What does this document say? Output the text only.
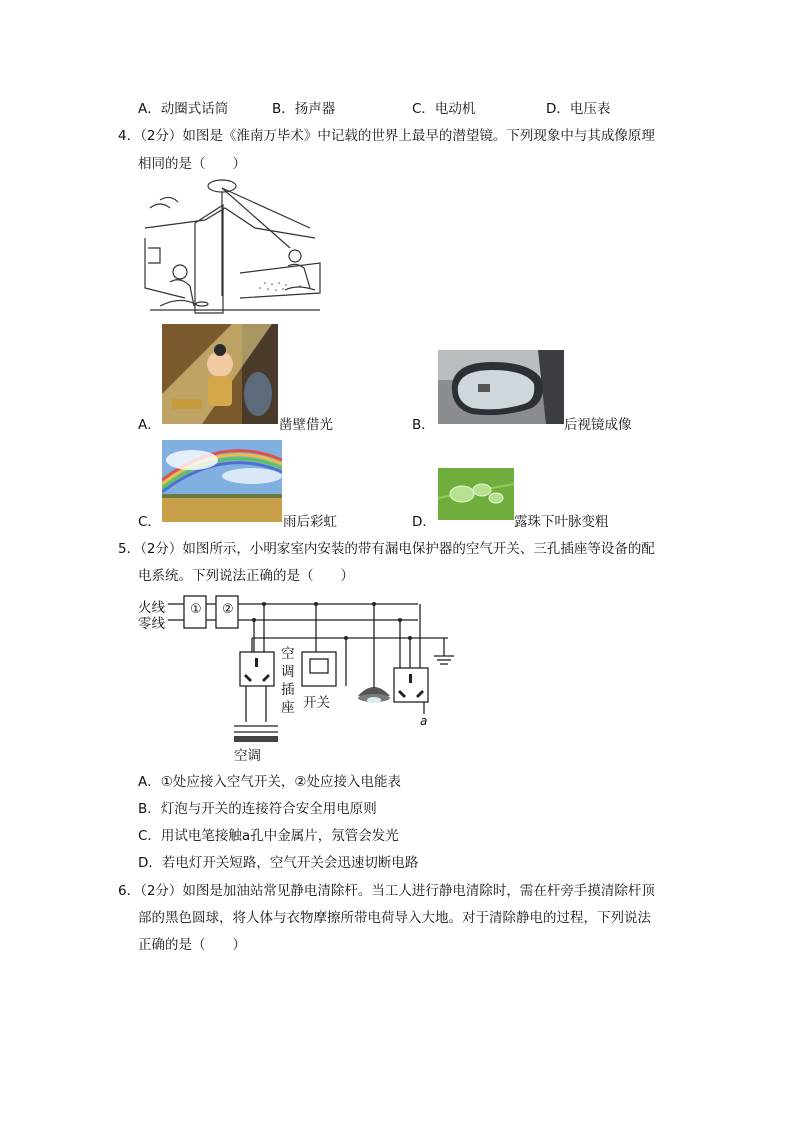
A．动圈式话筒	B．扬声器	C．电动机	D．电压表
4．（2分）如图是《淮南万毕术》中记载的世界上最早的潜望镜。下列现象中与其成像原理
相同的是（　　）
A．	凿壁借光	B．	后视镜成像
C．	雨后彩虹	D．	露珠下叶脉变粗
5．（2分）如图所示，小明家室内安装的带有漏电保护器的空气开关、三孔插座等设备的配
电系统。下列说法正确的是（　　）
火线
零线
① ②
空
调
插
座 开关
空调
a
A．①处应接入空气开关，②处应接入电能表
B．灯泡与开关的连接符合安全用电原则
C．用试电笔接触a孔中金属片，氖管会发光
D．若电灯开关短路，空气开关会迅速切断电路
6．（2分）如图是加油站常见静电清除杆。当工人进行静电清除时，需在杆旁手摸清除杆顶
部的黑色圆球，将人体与衣物摩擦所带电荷导入大地。对于清除静电的过程，下列说法
正确的是（　　）
